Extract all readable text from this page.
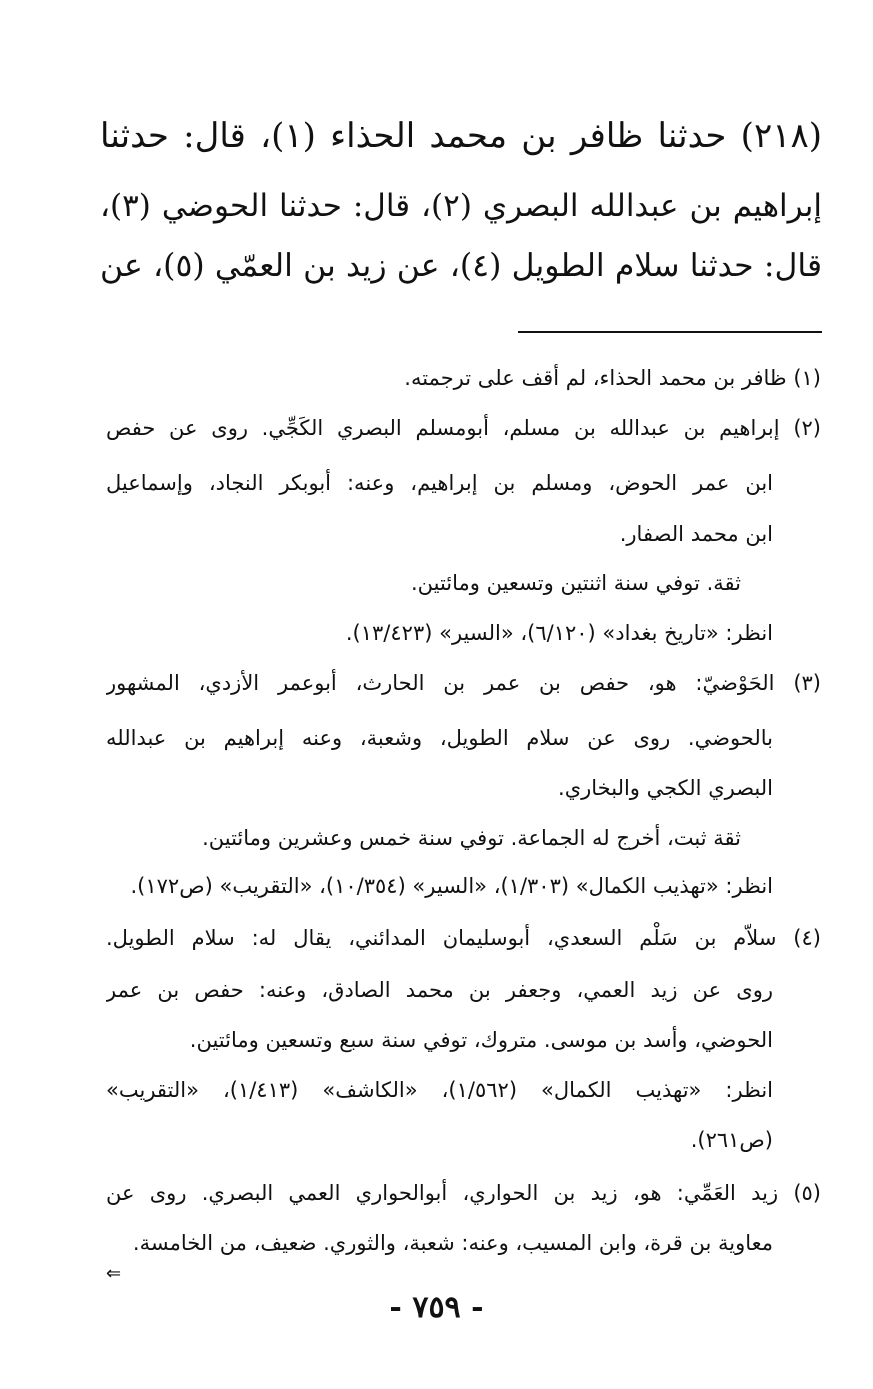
(٢١٨) حدثنا ظافر بن محمد الحذاء (١)، قال: حدثنا
إبراهيم بن عبدالله البصري (٢)، قال: حدثنا الحوضي (٣)،
قال: حدثنا سلام الطويل (٤)، عن زيد بن العمّي (٥)، عن
(١) ظافر بن محمد الحذاء، لم أقف على ترجمته.
(٢) إبراهيم بن عبدالله بن مسلم، أبومسلم البصري الكَجِّي. روى عن حفص
ابن عمر الحوض، ومسلم بن إبراهيم، وعنه: أبوبكر النجاد، وإسماعيل
ابن محمد الصفار.
ثقة. توفي سنة اثنتين وتسعين ومائتين.
انظر: «تاريخ بغداد» (٦/١٢٠)، «السير» (١٣/٤٢٣).
(٣) الحَوْضيّ: هو، حفص بن عمر بن الحارث، أبوعمر الأزدي، المشهور
بالحوضي. روى عن سلام الطويل، وشعبة، وعنه إبراهيم بن عبدالله
البصري الكجي والبخاري.
ثقة ثبت، أخرج له الجماعة. توفي سنة خمس وعشرين ومائتين.
انظر: «تهذيب الكمال» (١/٣٠٣)، «السير» (١٠/٣٥٤)، «التقريب» (ص١٧٢).
(٤) سلاّم بن سَلْم السعدي، أبوسليمان المدائني، يقال له: سلام الطويل.
روى عن زيد العمي، وجعفر بن محمد الصادق، وعنه: حفص بن عمر
الحوضي، وأسد بن موسى. متروك، توفي سنة سبع وتسعين ومائتين.
انظر: «تهذيب الكمال» (١/٥٦٢)، «الكاشف» (١/٤١٣)، «التقريب»
(ص٢٦١).
(٥) زيد العَمِّي: هو، زيد بن الحواري، أبوالحواري العمي البصري. روى عن
معاوية بن قرة، وابن المسيب، وعنه: شعبة، والثوري. ضعيف، من الخامسة.
⇐
- ٧٥٩ -
